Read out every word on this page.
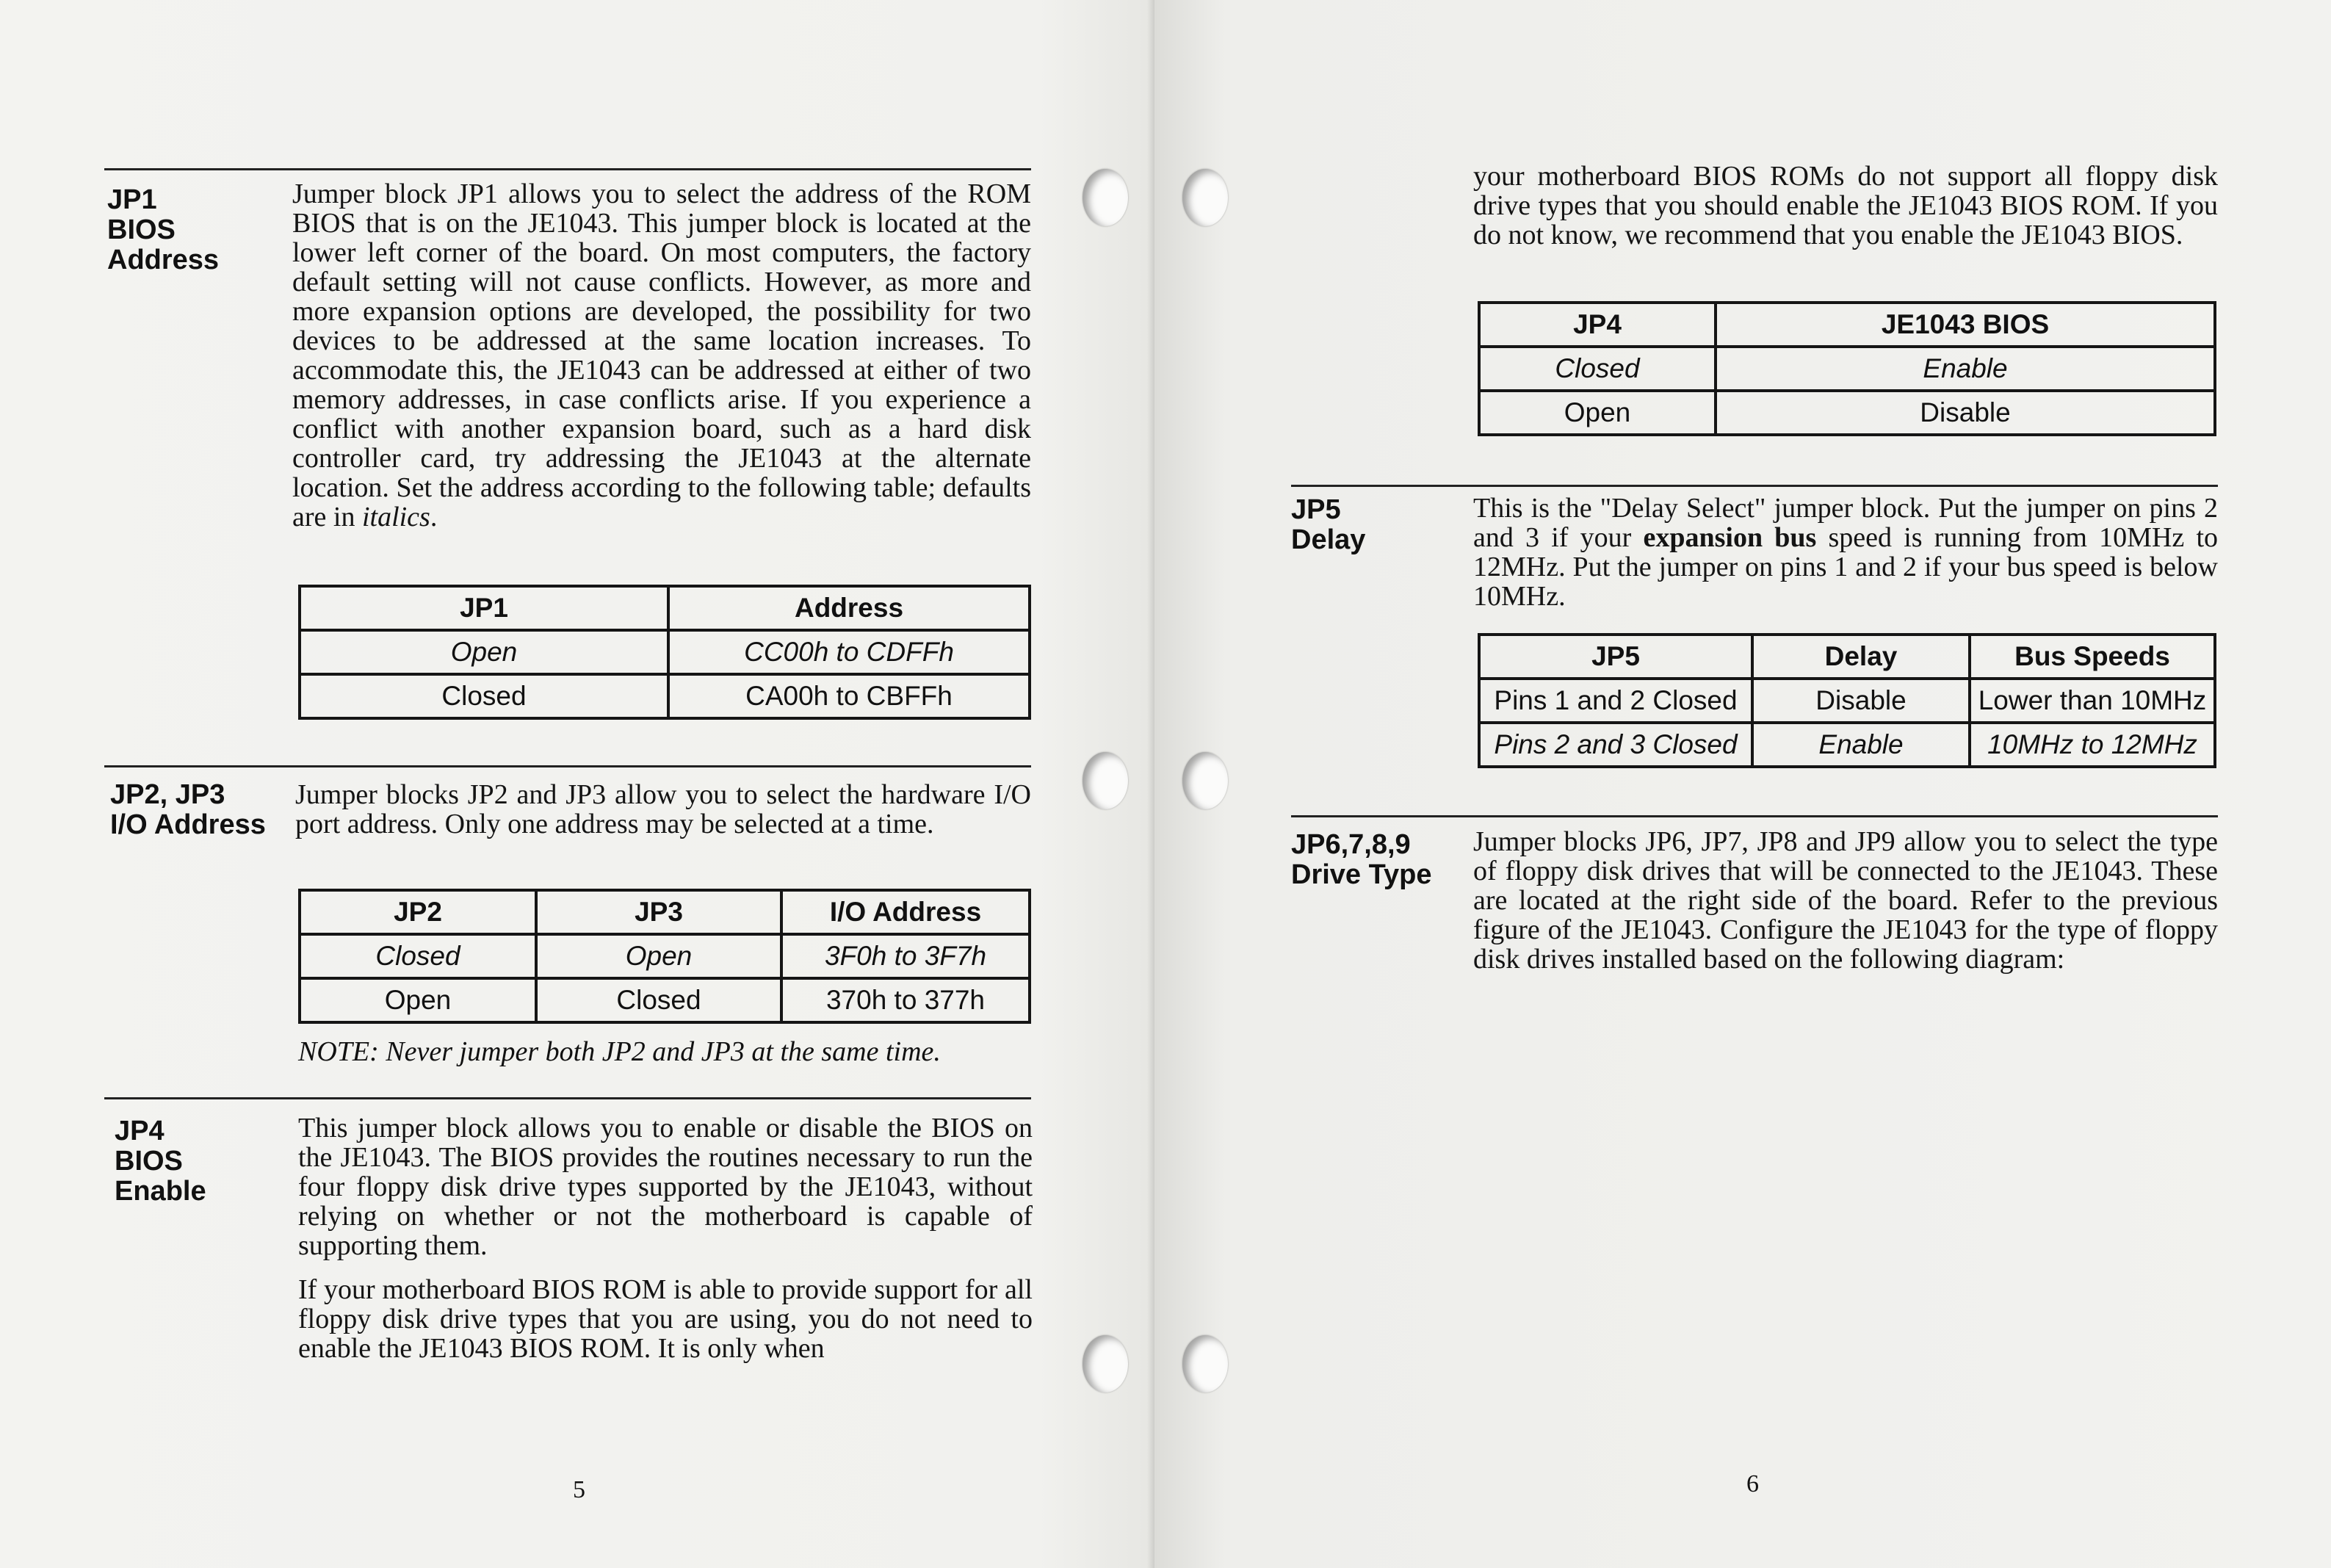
JP1
BIOS
Address

Jumper block JP1 allows you to select the address of the ROM BIOS that is on the JE1043. This jumper block is located at the lower left corner of the board. On most computers, the factory default setting will not cause conflicts. However, as more and more expansion options are developed, the possibility for two devices to be addressed at the same location increases. To accommodate this, the JE1043 can be addressed at either of two memory addresses, in case conflicts arise. If you experience a conflict with another expansion board, such as a hard disk controller card, try addressing the JE1043 at the alternate location. Set the address according to the following table; defaults are in italics.

JP1	Address
Open	CC00h to CDFFh
Closed	CA00h to CBFFh
JP2, JP3
I/O Address

Jumper blocks JP2 and JP3 allow you to select the hardware I/O port address. Only one address may be selected at a time.

JP2	JP3	I/O Address
Closed	Open	3F0h to 3F7h
Open	Closed	370h to 377h

NOTE: Never jumper both JP2 and JP3 at the same time.

JP4
BIOS
Enable

This jumper block allows you to enable or disable the BIOS on the JE1043. The BIOS provides the routines necessary to run the four floppy disk drive types supported by the JE1043, without relying on whether or not the motherboard is capable of supporting them.

If your motherboard BIOS ROM is able to provide support for all floppy disk drive types that you are using, you do not need to enable the JE1043 BIOS ROM. It is only when

5

your motherboard BIOS ROMs do not support all floppy disk drive types that you should enable the JE1043 BIOS ROM. If you do not know, we recommend that you enable the JE1043 BIOS.

JP4	JE1043 BIOS
Closed	Enable
Open	Disable
JP5
Delay

This is the "Delay Select" jumper block. Put the jumper on pins 2 and 3 if your expansion bus speed is running from 10MHz to 12MHz. Put the jumper on pins 1 and 2 if your bus speed is below 10MHz.

JP5	Delay	Bus Speeds
Pins 1 and 2 Closed	Disable	Lower than 10MHz
Pins 2 and 3 Closed	Enable	10MHz to 12MHz
JP6,7,8,9
Drive Type

Jumper blocks JP6, JP7, JP8 and JP9 allow you to select the type of floppy disk drives that will be connected to the JE1043. These are located at the right side of the board. Refer to the previous figure of the JE1043. Configure the JE1043 for the type of floppy disk drives installed based on the following diagram:

6
